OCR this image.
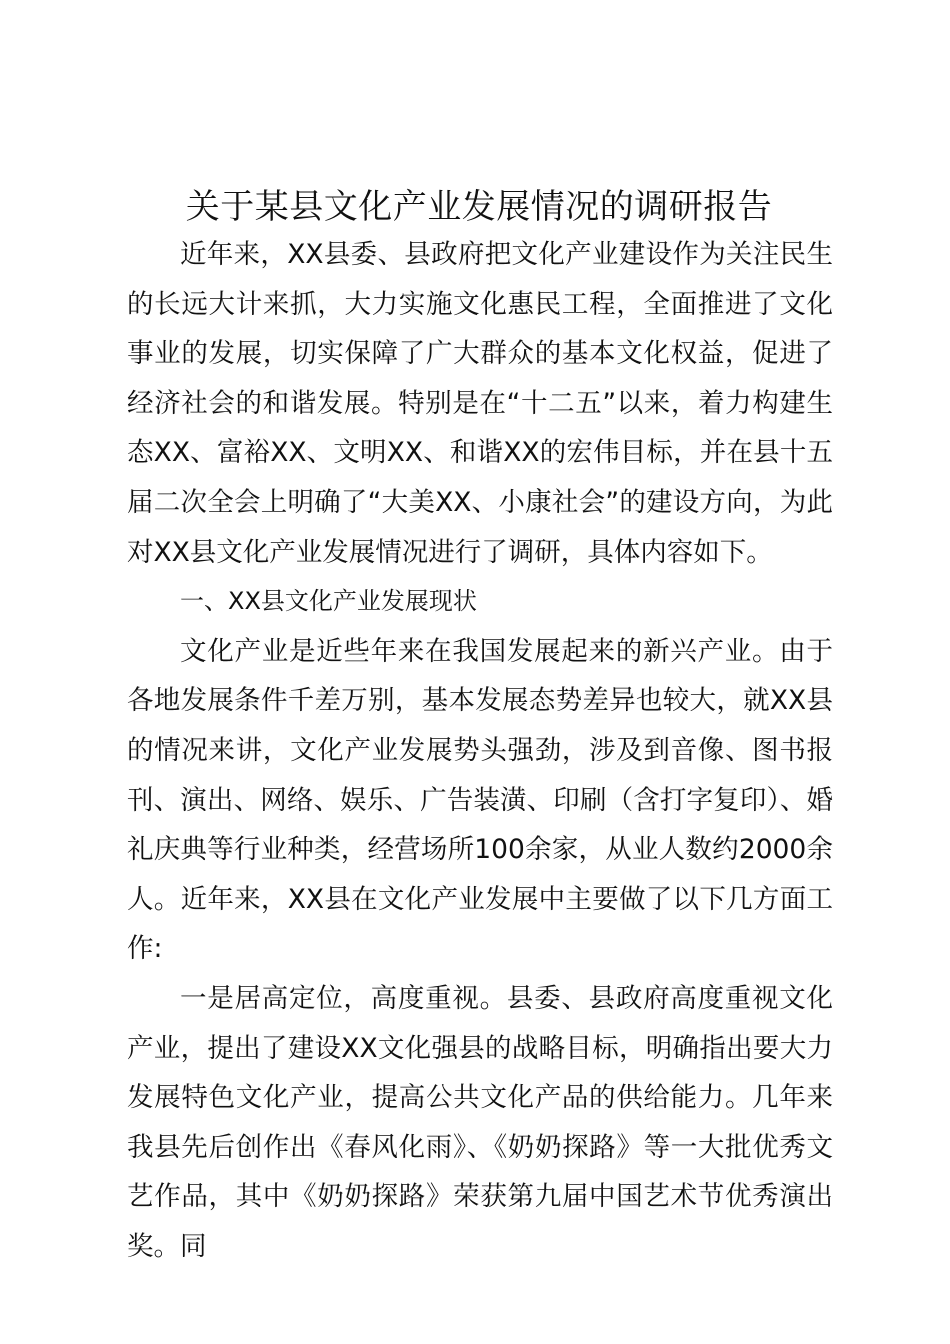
关于某县文化产业发展情况的调研报告

近年来，XX县委、县政府把文化产业建设作为关注民生的长远大计来抓，大力实施文化惠民工程，全面推进了文化事业的发展，切实保障了广大群众的基本文化权益，促进了经济社会的和谐发展。特别是在“十二五”以来，着力构建生态XX、富裕XX、文明XX、和谐XX的宏伟目标，并在县十五届二次全会上明确了“大美XX、小康社会”的建设方向，为此对XX县文化产业发展情况进行了调研，具体内容如下。

一、XX县文化产业发展现状

文化产业是近些年来在我国发展起来的新兴产业。由于各地发展条件千差万别，基本发展态势差异也较大，就XX县的情况来讲，文化产业发展势头强劲，涉及到音像、图书报刊、演出、网络、娱乐、广告装潢、印刷（含打字复印）、婚礼庆典等行业种类，经营场所100余家，从业人数约2000余人。近年来，XX县在文化产业发展中主要做了以下几方面工作:

一是居高定位，高度重视。县委、县政府高度重视文化产业，提出了建设XX文化强县的战略目标，明确指出要大力发展特色文化产业，提高公共文化产品的供给能力。几年来我县先后创作出《春风化雨》、《奶奶探路》等一大批优秀文艺作品，其中《奶奶探路》荣获第九届中国艺术节优秀演出奖。同
